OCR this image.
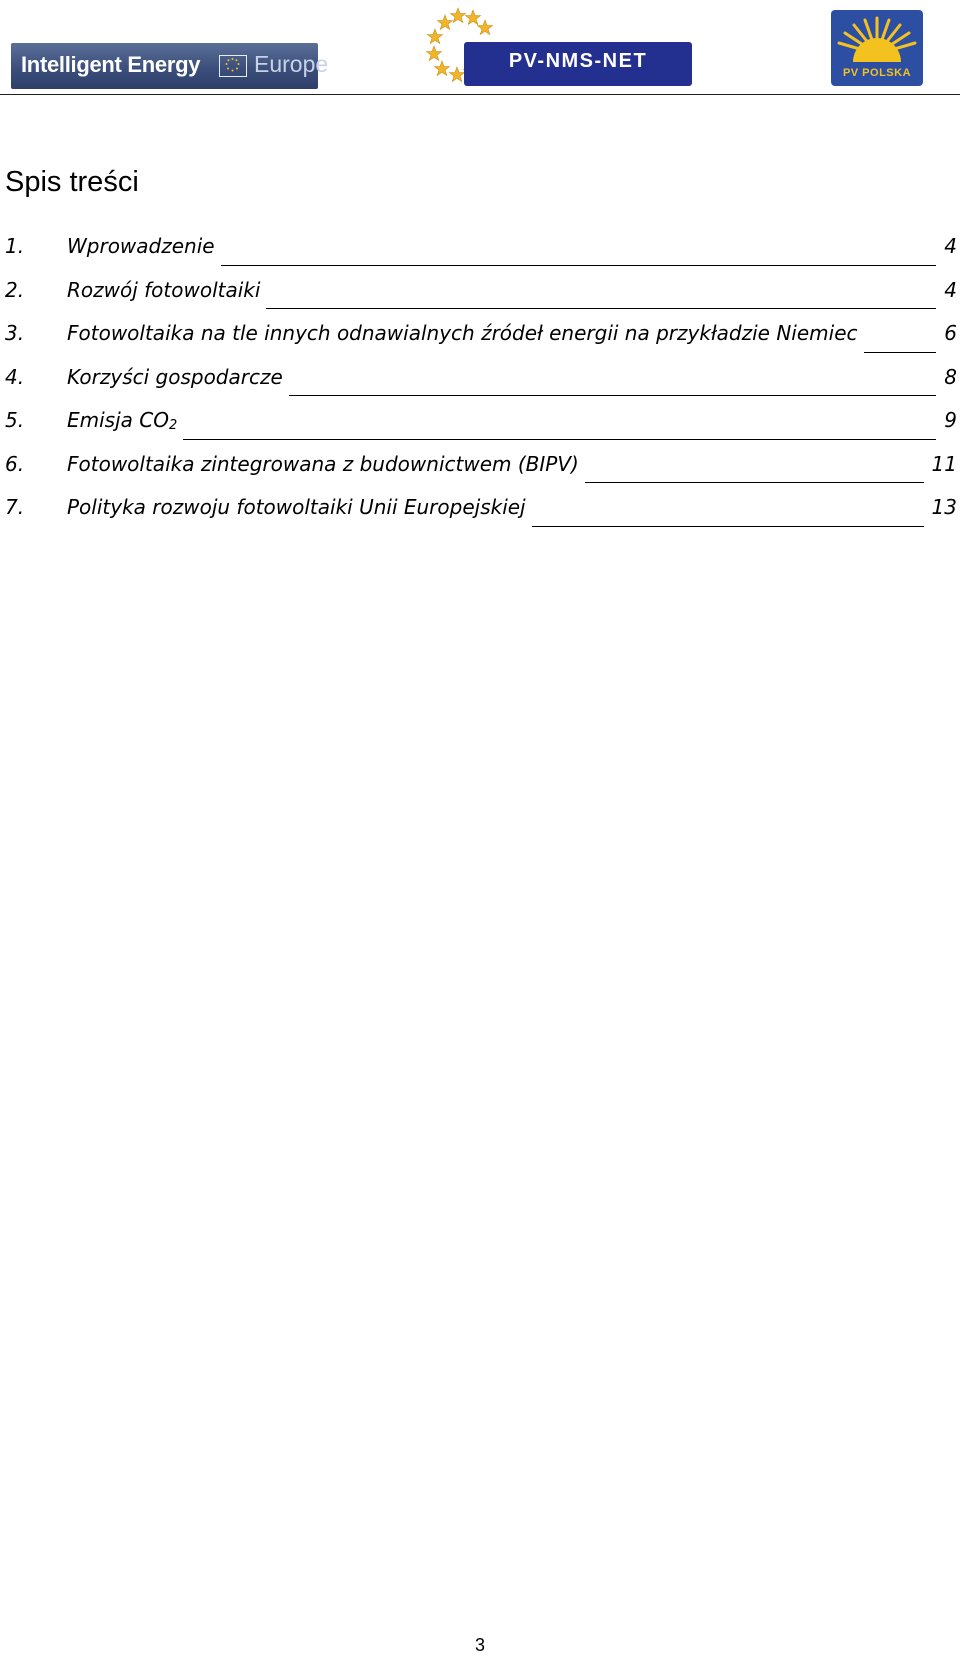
Intelligent Energy Europe	PV-NMS-NET
PV POLSKA
Spis treści
1.	Wprowadzenie	4
2.	Rozwój fotowoltaiki	4
3.	Fotowoltaika na tle innych odnawialnych źródeł energii na przykładzie Niemiec	6
4.	Korzyści gospodarcze	8
5.	Emisja $CO_2$	9
6.	Fotowoltaika zintegrowana z budownictwem (BIPV)	11
7.	Polityka rozwoju fotowoltaiki Unii Europejskiej	13
3
